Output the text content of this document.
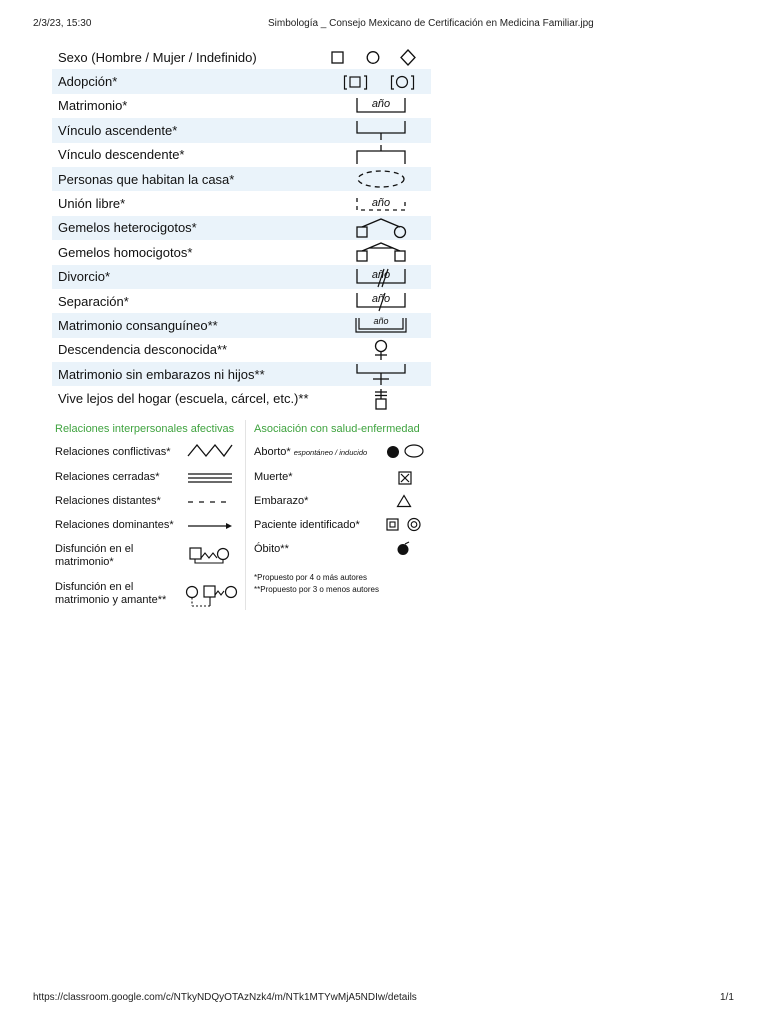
2/3/23, 15:30	Simbología _ Consejo Mexicano de Certificación en Medicina Familiar.jpg
Sexo (Hombre / Mujer / Indefinido)
Adopción*
Matrimonio*	año
Vínculo ascendente*
Vínculo descendente*
Personas que habitan la casa*
Unión libre*	año
Gemelos heterocigotos*
Gemelos homocigotos*
Divorcio*	año
Separación*	año
Matrimonio consanguíneo**	año
Descendencia desconocida**
Matrimonio sin embarazos ni hijos**
Vive lejos del hogar (escuela, cárcel, etc.)**
Relaciones interpersonales afectivas Asociación con salud-enfermedad
Relaciones conflictivas*
Relaciones cerradas*
Relaciones distantes*
Relaciones dominantes*
Disfunción en el matrimonio*
Disfunción en el matrimonio y amante**
Aborto* espontáneo / inducido
Muerte*
Embarazo*
Paciente identificado*
Óbito**
*Propuesto por 4 o más autores
**Propuesto por 3 o menos autores
https://classroom.google.com/c/NTkyNDQyOTAzNzk4/m/NTk1MTYwMjA5NDIw/details	1/1
